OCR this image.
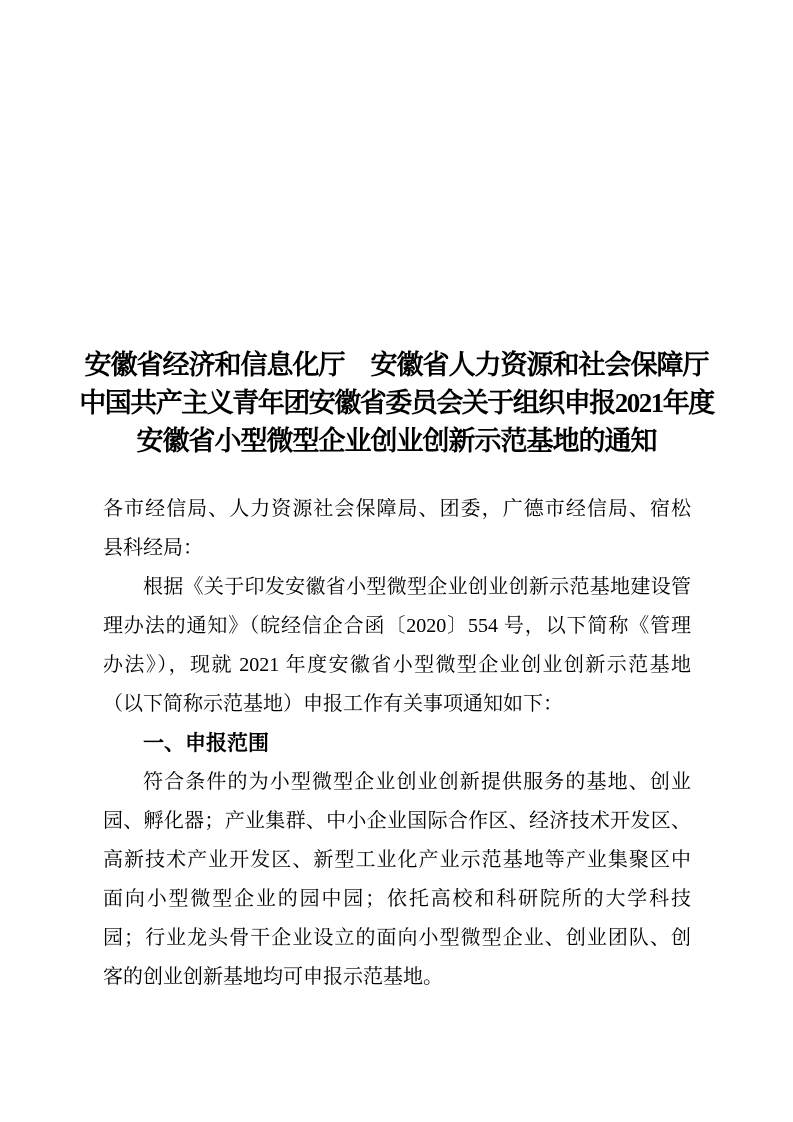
安徽省经济和信息化厅　安徽省人力资源和社会保障厅
中国共产主义青年团安徽省委员会关于组织申报2021年度
安徽省小型微型企业创业创新示范基地的通知
各市经信局、人力资源社会保障局、团委，广德市经信局、宿松
县科经局：
根据《关于印发安徽省小型微型企业创业创新示范基地建设管
理办法的通知》（皖经信企合函〔2020〕554 号，以下简称《管理
办法》），现就 2021 年度安徽省小型微型企业创业创新示范基地
（以下简称示范基地）申报工作有关事项通知如下：
一、申报范围
符合条件的为小型微型企业创业创新提供服务的基地、创业
园、孵化器；产业集群、中小企业国际合作区、经济技术开发区、
高新技术产业开发区、新型工业化产业示范基地等产业集聚区中
面向小型微型企业的园中园；依托高校和科研院所的大学科技
园；行业龙头骨干企业设立的面向小型微型企业、创业团队、创
客的创业创新基地均可申报示范基地。
